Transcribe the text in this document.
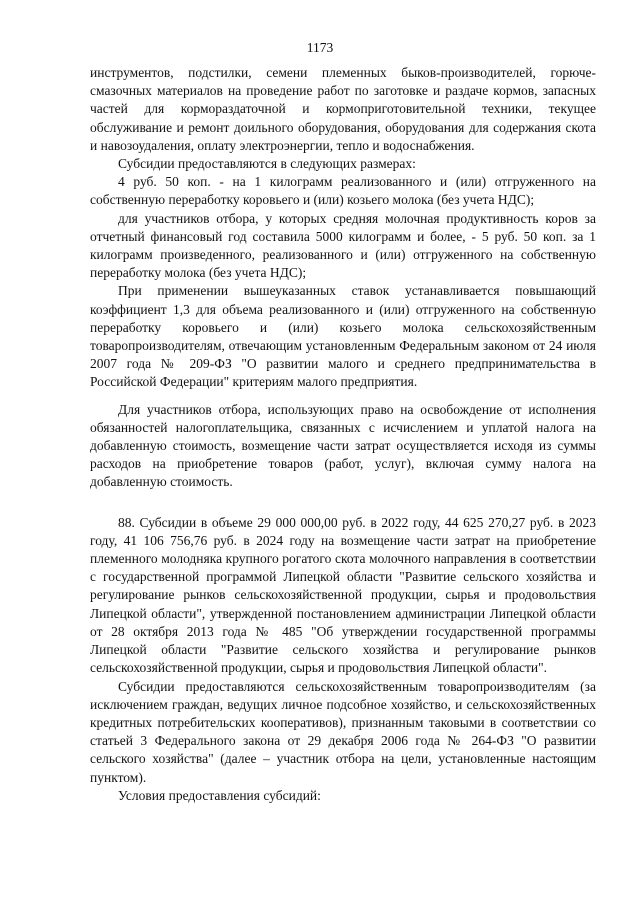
1173

инструментов, подстилки, семени племенных быков-производителей, горюче-смазочных материалов на проведение работ по заготовке и раздаче кормов, запасных частей для кормораздаточной и кормоприготовительной техники, текущее обслуживание и ремонт доильного оборудования, оборудования для содержания скота и навозоудаления, оплату электроэнергии, тепло и водоснабжения.

Субсидии предоставляются в следующих размерах:

4 руб. 50 коп. - на 1 килограмм реализованного и (или) отгруженного на собственную переработку коровьего и (или) козьего молока (без учета НДС);

для участников отбора, у которых средняя молочная продуктивность коров за отчетный финансовый год составила 5000 килограмм и более, - 5 руб. 50 коп. за 1 килограмм произведенного, реализованного и (или) отгруженного на собственную переработку молока (без учета НДС);

При применении вышеуказанных ставок устанавливается повышающий коэффициент 1,3 для объема реализованного и (или) отгруженного на собственную переработку коровьего и (или) козьего молока сельскохозяйственным товаропроизводителям, отвечающим установленным Федеральным законом от 24 июля 2007 года № 209-ФЗ "О развитии малого и среднего предпринимательства в Российской Федерации" критериям малого предприятия.

Для участников отбора, использующих право на освобождение от исполнения обязанностей налогоплательщика, связанных с исчислением и уплатой налога на добавленную стоимость, возмещение части затрат осуществляется исходя из суммы расходов на приобретение товаров (работ, услуг), включая сумму налога на добавленную стоимость.

88. Субсидии в объеме 29 000 000,00 руб. в 2022 году, 44 625 270,27 руб. в 2023 году, 41 106 756,76 руб. в 2024 году на возмещение части затрат на приобретение племенного молодняка крупного рогатого скота молочного направления в соответствии с государственной программой Липецкой области "Развитие сельского хозяйства и регулирование рынков сельскохозяйственной продукции, сырья и продовольствия Липецкой области", утвержденной постановлением администрации Липецкой области от 28 октября 2013 года № 485 "Об утверждении государственной программы Липецкой области "Развитие сельского хозяйства и регулирование рынков сельскохозяйственной продукции, сырья и продовольствия Липецкой области".

Субсидии предоставляются сельскохозяйственным товаропроизводителям (за исключением граждан, ведущих личное подсобное хозяйство, и сельскохозяйственных кредитных потребительских кооперативов), признанным таковыми в соответствии со статьей 3 Федерального закона от 29 декабря 2006 года № 264-ФЗ "О развитии сельского хозяйства" (далее – участник отбора на цели, установленные настоящим пунктом).

Условия предоставления субсидий:
